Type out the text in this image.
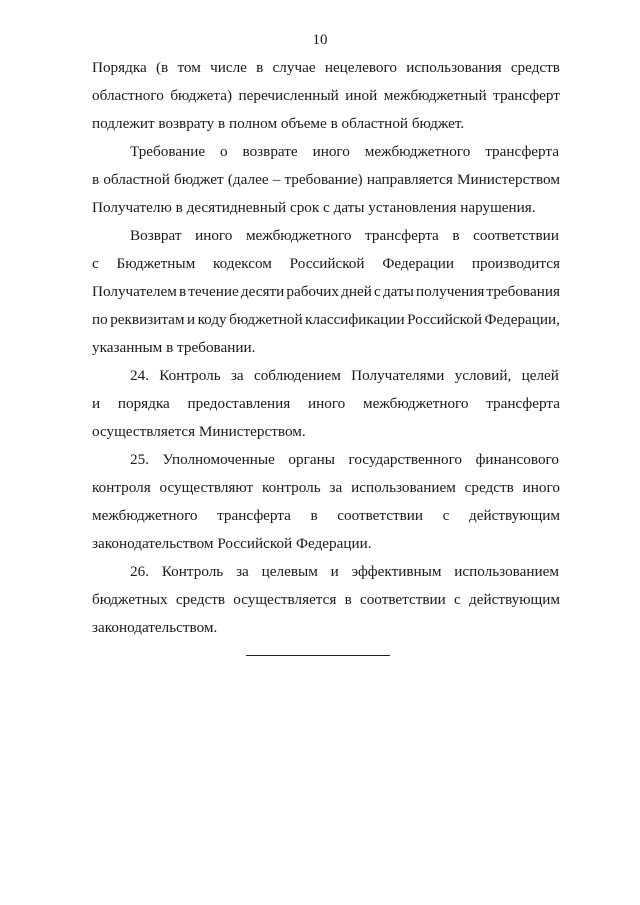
10
Порядка (в том числе в случае нецелевого использования средств
областного бюджета) перечисленный иной межбюджетный трансферт
подлежит возврату в полном объеме в областной бюджет.
Требование о возврате иного межбюджетного трансферта
в областной бюджет (далее – требование) направляется Министерством
Получателю в десятидневный срок с даты установления нарушения.
Возврат иного межбюджетного трансферта в соответствии
с Бюджетным кодексом Российской Федерации производится
Получателем в течение десяти рабочих дней с даты получения требования
по реквизитам и коду бюджетной классификации Российской Федерации,
указанным в требовании.
24. Контроль за соблюдением Получателями условий, целей
и порядка предоставления иного межбюджетного трансферта
осуществляется Министерством.
25. Уполномоченные органы государственного финансового
контроля осуществляют контроль за использованием средств иного
межбюджетного трансферта в соответствии с действующим
законодательством Российской Федерации.
26. Контроль за целевым и эффективным использованием
бюджетных средств осуществляется в соответствии с действующим
законодательством.
